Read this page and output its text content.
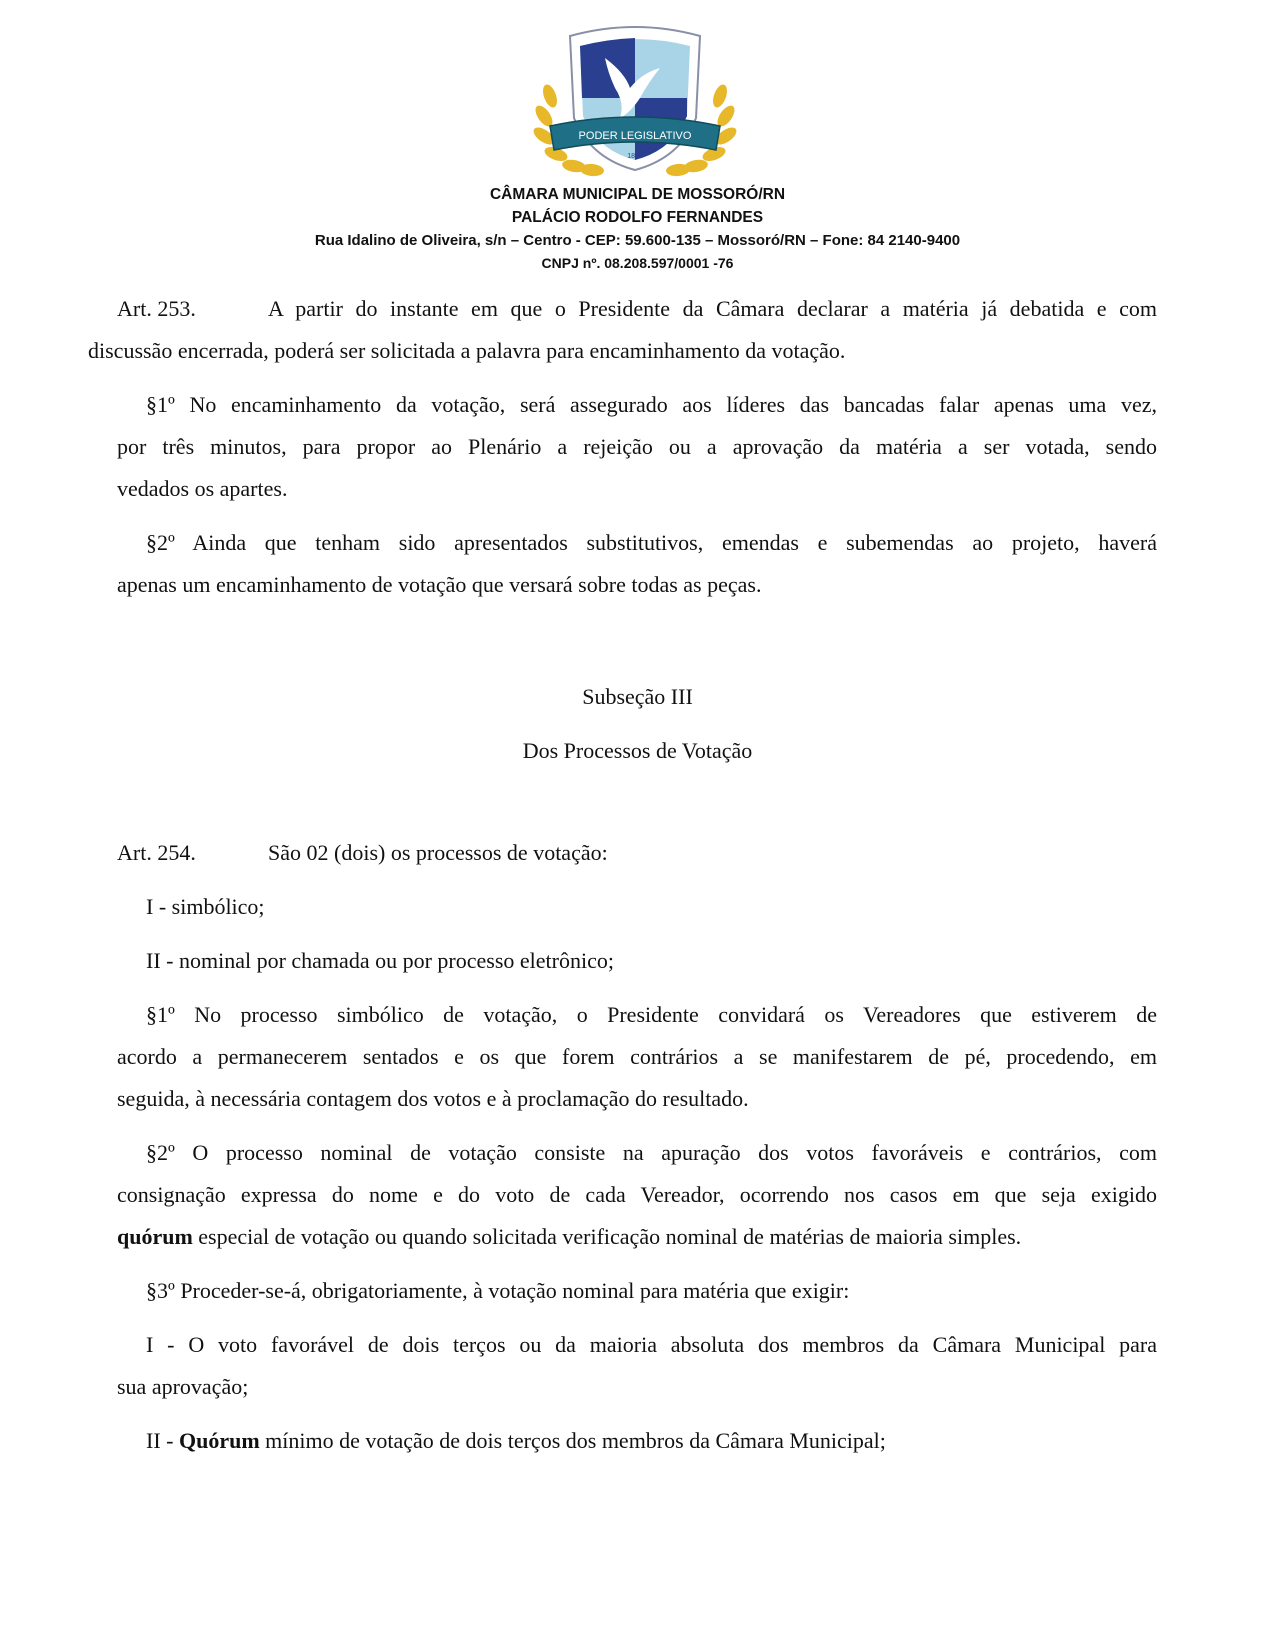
PODER LEGISLATIVO
1870
CÂMARA MUNICIPAL DE MOSSORÓ/RN
PALÁCIO RODOLFO FERNANDES
Rua Idalino de Oliveira, s/n – Centro - CEP: 59.600-135 – Mossoró/RN – Fone: 84 2140-9400
CNPJ nº. 08.208.597/0001 -76
Art. 253.	A partir do instante em que o Presidente da Câmara declarar a matéria já debatida e com
discussão encerrada, poderá ser solicitada a palavra para encaminhamento da votação.
§1º No encaminhamento da votação, será assegurado aos líderes das bancadas falar apenas uma vez,
por três minutos, para propor ao Plenário a rejeição ou a aprovação da matéria a ser votada, sendo
vedados os apartes.
§2º Ainda que tenham sido apresentados substitutivos, emendas e subemendas ao projeto, haverá
apenas um encaminhamento de votação que versará sobre todas as peças.
Subseção III
Dos Processos de Votação
Art. 254.	São 02 (dois) os processos de votação:
I - simbólico;
II - nominal por chamada ou por processo eletrônico;
§1º No processo simbólico de votação, o Presidente convidará os Vereadores que estiverem de
acordo a permanecerem sentados e os que forem contrários a se manifestarem de pé, procedendo, em
seguida, à necessária contagem dos votos e à proclamação do resultado.
§2º O processo nominal de votação consiste na apuração dos votos favoráveis e contrários, com
consignação expressa do nome e do voto de cada Vereador, ocorrendo nos casos em que seja exigido
quórum especial de votação ou quando solicitada verificação nominal de matérias de maioria simples.
§3º Proceder-se-á, obrigatoriamente, à votação nominal para matéria que exigir:
I - O voto favorável de dois terços ou da maioria absoluta dos membros da Câmara Municipal para
sua aprovação;
II - Quórum mínimo de votação de dois terços dos membros da Câmara Municipal;
